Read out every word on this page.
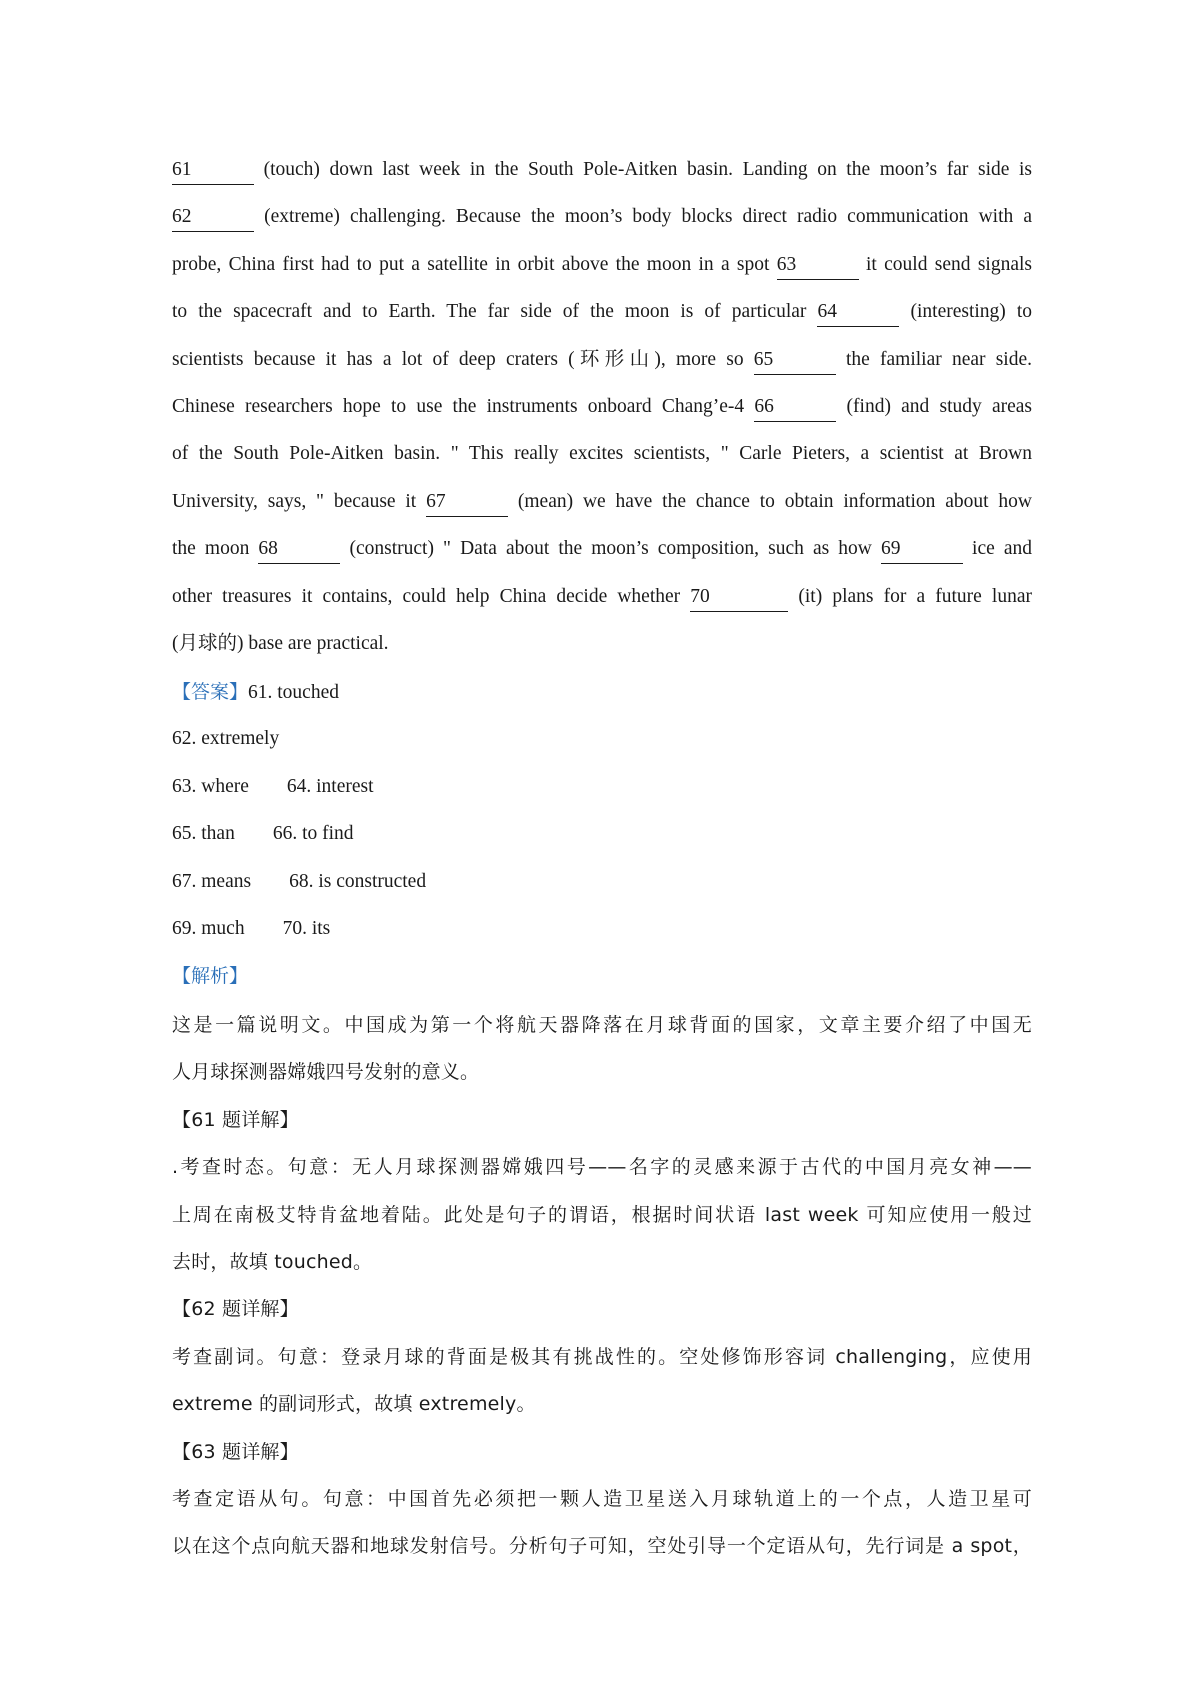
61	(touch) down last week in the South Pole-Aitken basin. Landing on the moon’s far side is
62	(extreme) challenging. Because the moon’s body blocks direct radio communication with a
probe, China first had to put a satellite in orbit above the moon in a spot 63	it could send signals
to the spacecraft and to Earth. The far side of the moon is of particular 64	(interesting) to
scientists because it has a lot of deep craters (环形山), more so 65	the familiar near side.
Chinese researchers hope to use the instruments onboard Chang’e-4 66	(find) and study areas
of the South Pole-Aitken basin. " This really excites scientists, " Carle Pieters, a scientist at Brown
University, says, " because it 67	(mean) we have the chance to obtain information about how
the moon 68	(construct) " Data about the moon’s composition, such as how 69	ice and
other treasures it contains, could help China decide whether 70	(it) plans for a future lunar
(月球的) base are practical.
【答案】61. touched
62. extremely
63. where 64. interest
65. than 66. to find
67. means 68. is constructed
69. much 70. its
【解析】
这是一篇说明文。中国成为第一个将航天器降落在月球背面的国家，文章主要介绍了中国无
人月球探测器嫦娥四号发射的意义。
【61 题详解】
.考查时态。句意：无人月球探测器嫦娥四号——名字的灵感来源于古代的中国月亮女神——
上周在南极艾特肯盆地着陆。此处是句子的谓语，根据时间状语 last week 可知应使用一般过
去时，故填 touched。
【62 题详解】
考查副词。句意：登录月球的背面是极其有挑战性的。空处修饰形容词 challenging，应使用
extreme 的副词形式，故填 extremely。
【63 题详解】
考查定语从句。句意：中国首先必须把一颗人造卫星送入月球轨道上的一个点，人造卫星可
以在这个点向航天器和地球发射信号。分析句子可知，空处引导一个定语从句，先行词是 a spot，
